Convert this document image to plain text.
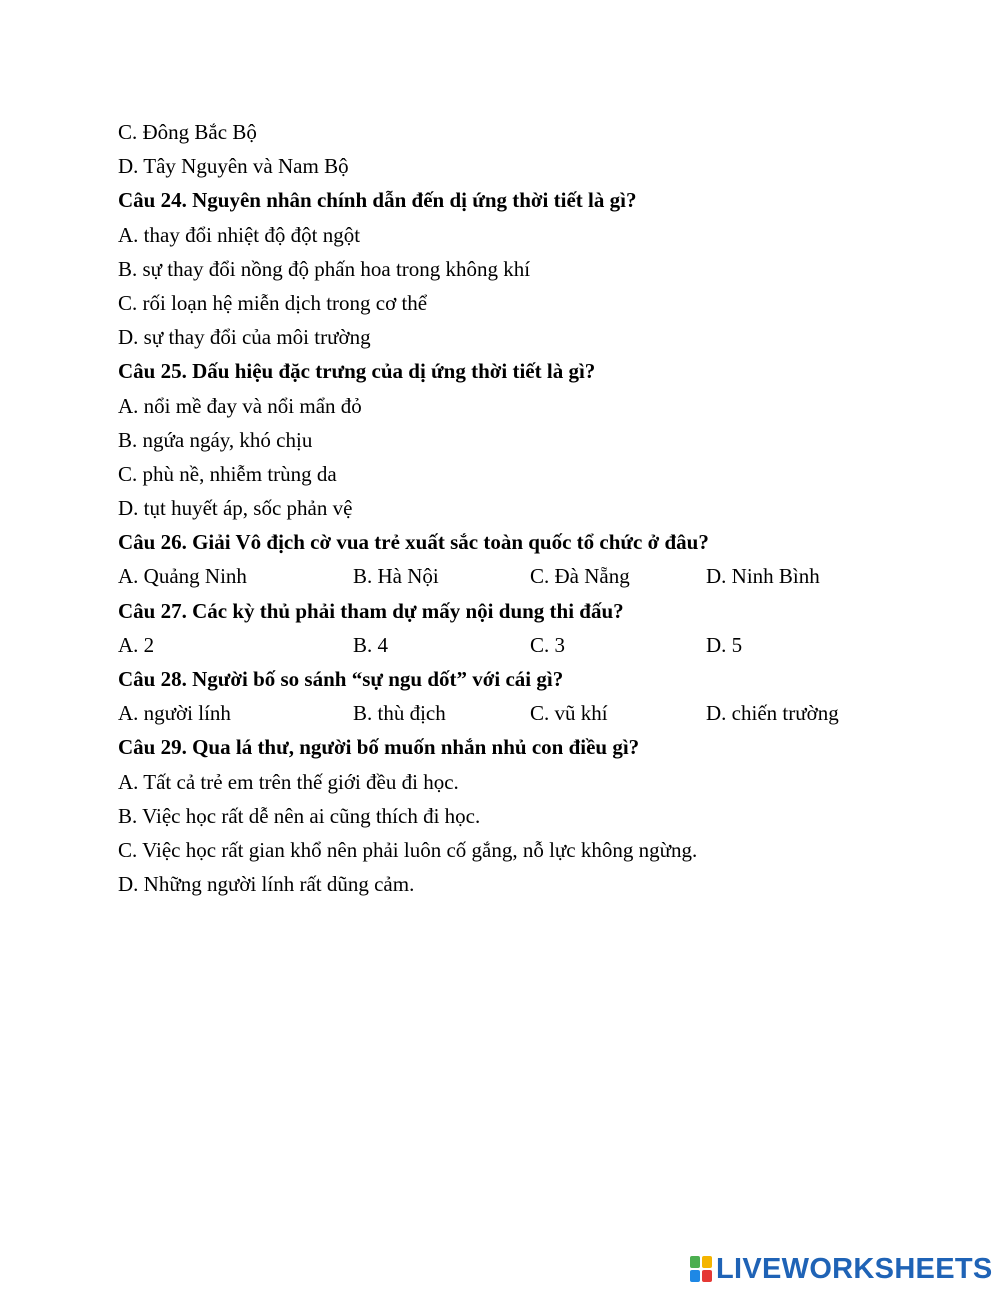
C. Đông Bắc Bộ
D. Tây Nguyên và Nam Bộ
Câu 24. Nguyên nhân chính dẫn đến dị ứng thời tiết là gì?
A. thay đổi nhiệt độ đột ngột
B. sự thay đổi nồng độ phấn hoa trong không khí
C. rối loạn hệ miễn dịch trong cơ thể
D. sự thay đổi của môi trường
Câu 25. Dấu hiệu đặc trưng của dị ứng thời tiết là gì?
A. nổi mề đay và nổi mẩn đỏ
B. ngứa ngáy, khó chịu
C. phù nề, nhiễm trùng da
D. tụt huyết áp, sốc phản vệ
Câu 26. Giải Vô địch cờ vua trẻ xuất sắc toàn quốc tổ chức ở đâu?
A. Quảng Ninh	B. Hà Nội	C. Đà Nẵng	D. Ninh Bình
Câu 27. Các kỳ thủ phải tham dự mấy nội dung thi đấu?
A. 2	B. 4	C. 3	D. 5
Câu 28. Người bố so sánh “sự ngu dốt” với cái gì?
A. người lính	B. thù địch	C. vũ khí	D. chiến trường
Câu 29. Qua lá thư, người bố muốn nhắn nhủ con điều gì?
A. Tất cả trẻ em trên thế giới đều đi học.
B. Việc học rất dễ nên ai cũng thích đi học.
C. Việc học rất gian khổ nên phải luôn cố gắng, nỗ lực không ngừng.
D. Những người lính rất dũng cảm.
LIVEWORKSHEETS
